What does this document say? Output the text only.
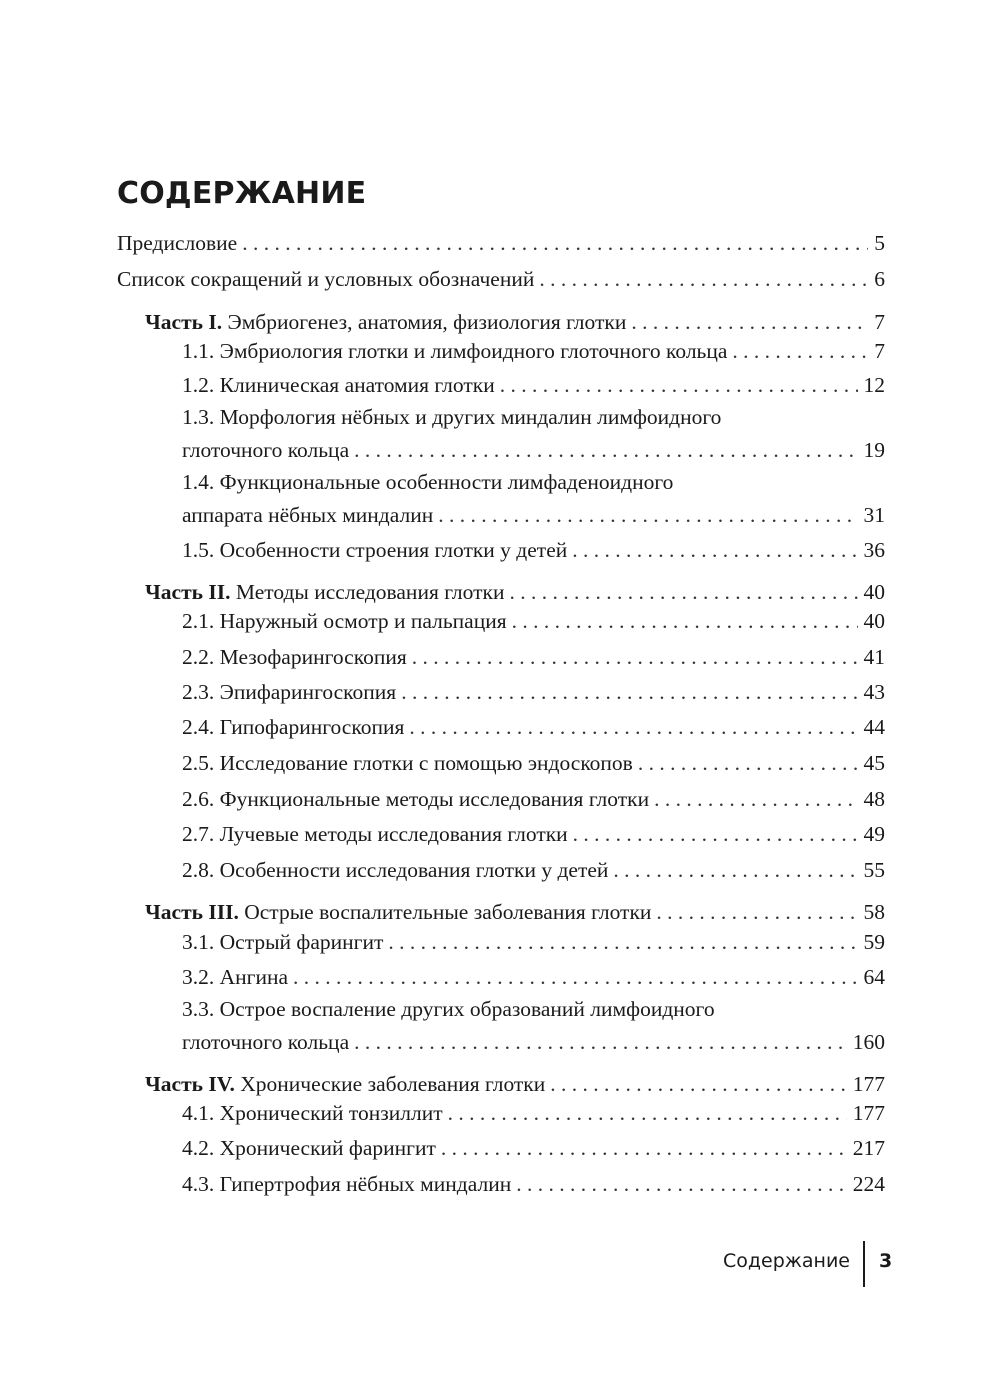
СОДЕРЖАНИЕ
Предисловие . . .	5
Список сокращений и условных обозначений . . .	6
Часть I. Эмбриогенез, анатомия, физиология глотки . . .	7
1.1. Эмбриология глотки и лимфоидного глоточного кольца . . .	7
1.2. Клиническая анатомия глотки . . .	12
1.3. Морфология нёбных и других миндалин лимфоидного
глоточного кольца . . .	19
1.4. Функциональные особенности лимфаденоидного
аппарата нёбных миндалин . . .	31
1.5. Особенности строения глотки у детей . . .	36
Часть II. Методы исследования глотки . . .	40
2.1. Наружный осмотр и пальпация . . .	40
2.2. Мезофарингоскопия . . .	41
2.3. Эпифарингоскопия . . .	43
2.4. Гипофарингоскопия . . .	44
2.5. Исследование глотки с помощью эндоскопов . . .	45
2.6. Функциональные методы исследования глотки . . .	48
2.7. Лучевые методы исследования глотки . . .	49
2.8. Особенности исследования глотки у детей . . .	55
Часть III. Острые воспалительные заболевания глотки . . .	58
3.1. Острый фарингит . . .	59
3.2. Ангина . . .	64
3.3. Острое воспаление других образований лимфоидного
глоточного кольца . . .	160
Часть IV. Хронические заболевания глотки . . .	177
4.1. Хронический тонзиллит . . .	177
4.2. Хронический фарингит . . .	217
4.3. Гипертрофия нёбных миндалин . . .	224
Содержание 3
